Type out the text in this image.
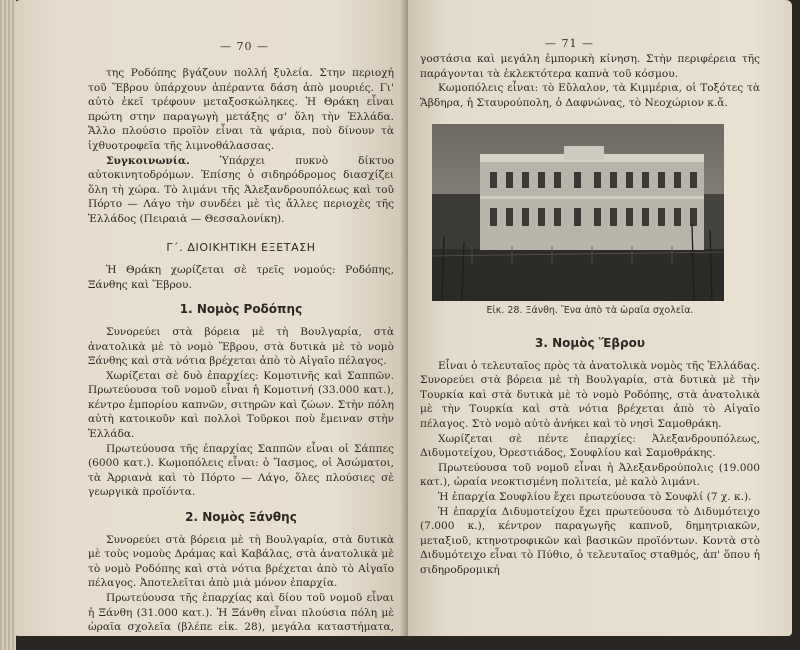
— 70 —

της Ροδόπης βγάζουν πολλή ξυλεία. Στην περιοχή τοῦ Ἕβρου ὑπάρχουν ἀπέραντα δάση ἀπὸ μουριές. Γι' αὐτὸ ἐκεῖ τρέφουν μεταξοσκώληκες. Ἡ Θράκη εἶναι πρώτη στην παραγωγὴ μετάξης σ' ὅλη τὴν Ἑλλάδα. Ἄλλο πλούσιο προϊὸν εἶναι τὰ ψάρια, ποὺ δίνουν τὰ ἰχθυοτροφεῖα τῆς λιμνοθάλασσας.

Συγκοινωνία.	Ὑπάρχει πυκνὸ δίκτυο αὐτοκινητοδρόμων. Ἐπίσης ὁ σιδηρόδρομος διασχίζει ὅλη τὴ χώρα. Τὸ λιμάνι τῆς Ἀλεξανδρουπόλεως καὶ τοῦ Πόρτο — Λάγο τὴν συνδέει μὲ τὶς ἄλλες περιοχὲς τῆς Ἑλλάδος (Πειραιὰ — Θεσσαλονίκη).

Γ΄. ΔΙΟΙΚΗΤΙΚΗ ΕΞΕΤΑΣΗ

Ἡ Θράκη χωρίζεται σὲ τρεῖς νομούς: Ροδόπης, Ξάνθης καὶ Ἕβρου.

1. Νομὸς Ροδόπης

Συνορεύει στὰ βόρεια μὲ τὴ Βουλγαρία, στὰ ἀνατολικὰ μὲ τὸ νομὸ Ἕβρου, στὰ δυτικὰ μὲ τὸ νομὸ Ξάνθης καὶ στὰ νότια βρέχεται ἀπὸ τὸ Αἰγαῖο πέλαγος.

Χωρίζεται σὲ δυὸ ἐπαρχίες: Κομοτινῆς καὶ Σαππῶν. Πρωτεύουσα τοῦ νομοῦ εἶναι ἡ Κομοτινή (33.000 κατ.), κέντρο ἐμπορίου καπνῶν, σιτηρῶν καὶ ζώων. Στὴν πόλη αὐτὴ κατοικοῦν καὶ πολλοὶ Τοῦρκοι ποὺ ἔμειναν στὴν Ἑλλάδα.

Πρωτεύουσα τῆς ἐπαρχίας Σαππῶν εἶναι οἱ Σάππες (6000 κατ.). Κωμοπόλεις εἶναι: ὁ Ἴασμος, οἱ Ἀσώματοι, τὰ Ἀρριανὰ καὶ τὸ Πόρτο — Λάγο, ὅλες πλούσιες σὲ γεωργικὰ προϊόντα.

2. Νομὸς Ξάνθης

Συνορεύει στὰ βόρεια μὲ τὴ Βουλγαρία, στὰ δυτικὰ μὲ τοὺς νομοὺς Δράμας καὶ Καβάλας, στὰ ἀνατολικὰ μὲ τὸ νομὸ Ροδόπης καὶ στὰ νότια βρέχεται ἀπὸ τὸ Αἰγαῖο πέλαγος. Ἀποτελεῖται ἀπὸ μιὰ μόνον ἐπαρχία.

Πρωτεύουσα τῆς ἐπαρχίας καὶ δίου τοῦ νομοῦ εἶναι ἡ Ξάνθη (31.000 κατ.). Ἡ Ξάνθη εἶναι πλούσια πόλη μὲ ὡραῖα σχολεῖα (βλέπε εἰκ. 28), μεγάλα καταστήματα, καπναποθῆκες, ἐρ-

— 71 —

γοστάσια καὶ μεγάλη ἐμπορικὴ κίνηση. Στὴν περιφέρεια τῆς παράγονται τὰ ἐκλεκτότερα καπνὰ τοῦ κόσμου.

Κωμοπόλεις εἶναι: τὸ Εὔλαλον, τὰ Κιμμέρια, οἱ Τοξότες τὰ Ἄβδηρα, ἡ Σταυρούπολη, ὁ Δαφνώνας, τὸ Νεοχώριον κ.ἄ.

Εἰκ. 28. Ξάνθη. Ἕνα ἀπὸ τὰ ὡραῖα σχολεῖα.

3. Νομὸς Ἕβρου

Εἶναι ὁ τελευταῖος πρὸς τὰ ἀνατολικὰ νομὸς τῆς Ἑλλάδας. Συνορεύει στὰ βόρεια μὲ τὴ Βουλγαρία, στὰ δυτικὰ μὲ τὴν Τουρκία καὶ στὰ δυτικὰ μὲ τὸ νομὸ Ροδόπης, στὰ ἀνατολικὰ μὲ τὴν Τουρκία καὶ στὰ νότια βρέχεται ἀπὸ τὸ Αἰγαῖο πέλαγος. Στὸ νομὸ αὐτὸ ἀνήκει καὶ τὸ νησὶ Σαμοθράκη.

Χωρίζεται σὲ πέντε ἐπαρχίες: Ἀλεξανδρουπόλεως, Διδυμοτείχου, Ὀρεστιάδος, Σουφλίου καὶ Σαμοθράκης.

Πρωτεύουσα τοῦ νομοῦ εἶναι ἡ Ἀλεξανδρούπολις (19.000 κατ.), ὡραία νεοκτισμένη πολιτεία, μὲ καλὸ λιμάνι.

Ἡ ἐπαρχία Σουφλίου ἔχει πρωτεύουσα τὸ Σουφλί (7 χ. κ.).

Ἡ ἐπαρχία Διδυμοτείχου ἔχει πρωτεύουσα τὸ Διδυμότειχο (7.000 κ.), κέντρον παραγωγῆς καπνοῦ, δημητριακῶν, μεταξιοῦ, κτηνοτροφικῶν καὶ βασικῶν προϊόντων. Κοντὰ στὸ Διδυμότειχο εἶναι τὸ Πύθιο, ὁ τελευταῖος σταθμός, ἀπ' ὅπου ἡ σιδηροδρομική
